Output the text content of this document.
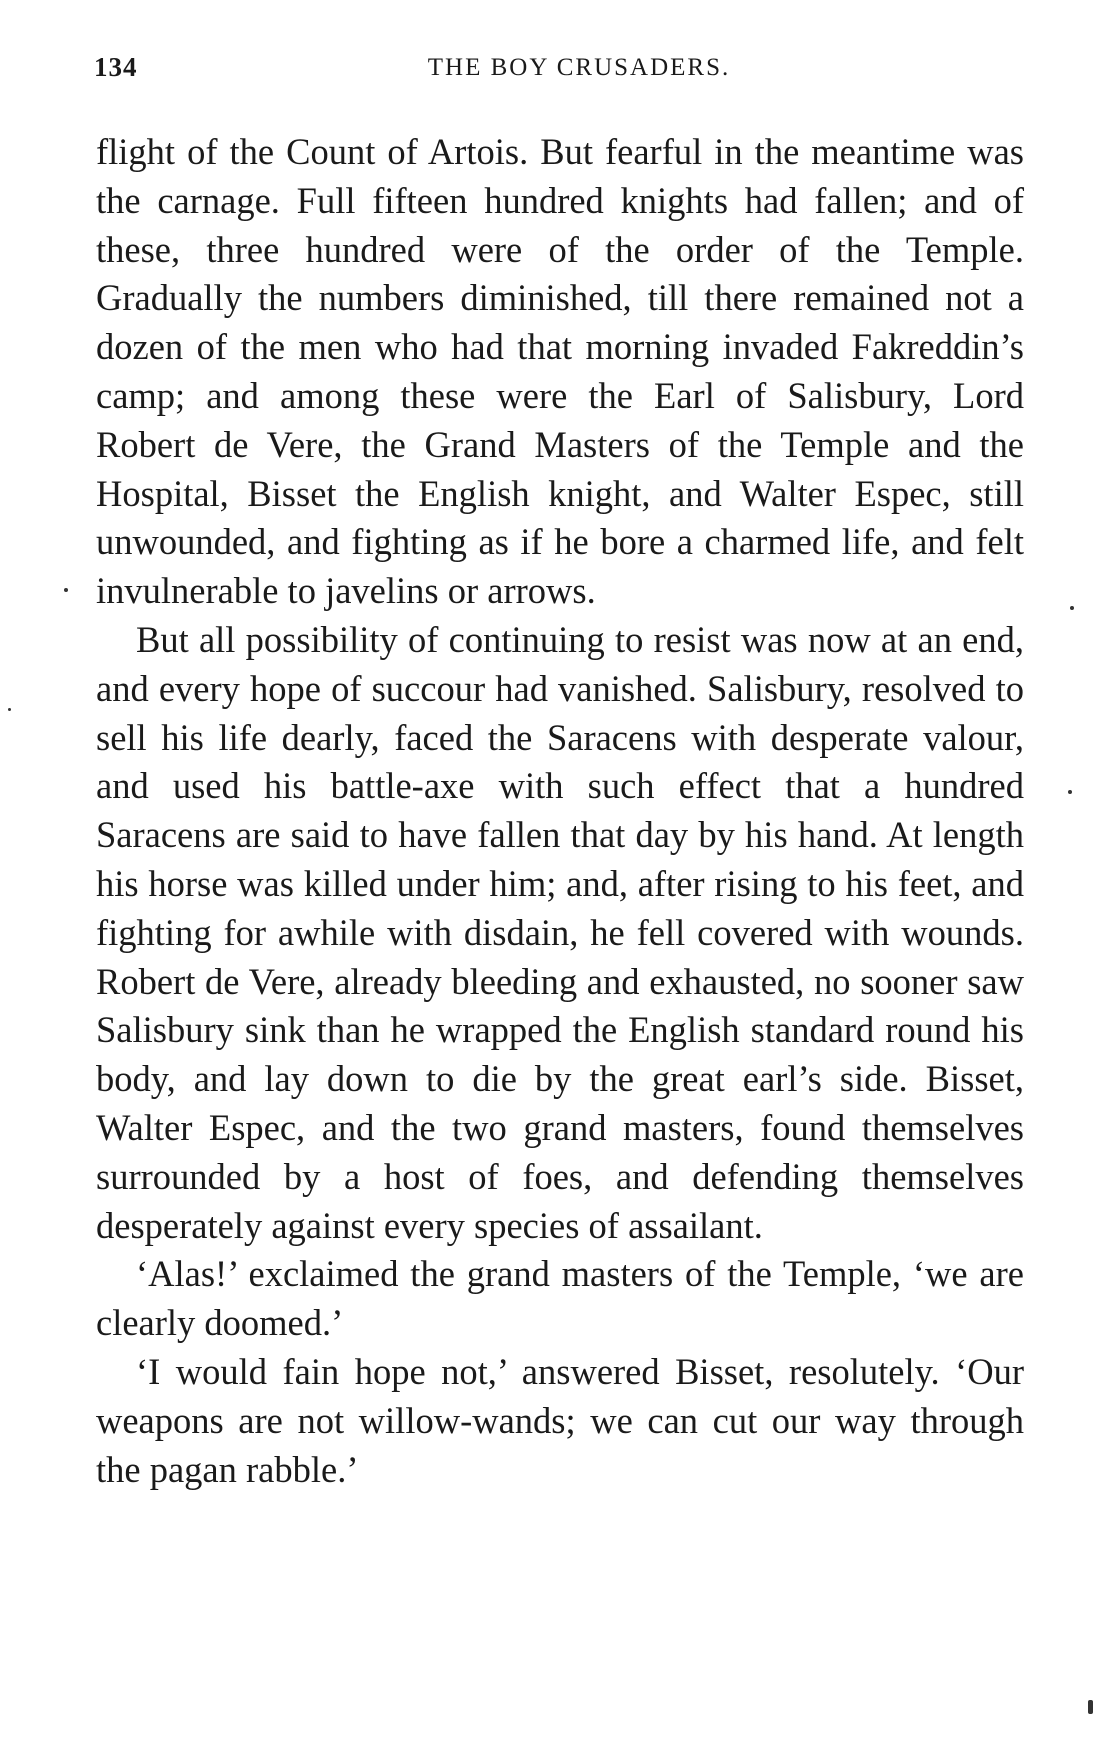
134	THE BOY CRUSADERS.

flight of the Count of Artois. But fearful in the meantime was the carnage. Full fifteen hundred knights had fallen; and of these, three hundred were of the order of the Temple. Gradually the numbers diminished, till there remained not a dozen of the men who had that morning invaded Fakreddin’s camp; and among these were the Earl of Salisbury, Lord Robert de Vere, the Grand Masters of the Temple and the Hospital, Bisset the English knight, and Walter Espec, still unwounded, and fighting as if he bore a charmed life, and felt invulnerable to javelins or arrows.

But all possibility of continuing to resist was now at an end, and every hope of succour had vanished. Salisbury, resolved to sell his life dearly, faced the Saracens with desperate valour, and used his battle-axe with such effect that a hundred Saracens are said to have fallen that day by his hand. At length his horse was killed under him; and, after rising to his feet, and fighting for awhile with disdain, he fell covered with wounds. Robert de Vere, already bleeding and exhausted, no sooner saw Salisbury sink than he wrapped the English standard round his body, and lay down to die by the great earl’s side. Bisset, Walter Espec, and the two grand masters, found themselves surrounded by a host of foes, and defending themselves desperately against every species of assailant.

‘Alas!’ exclaimed the grand masters of the Temple, ‘we are clearly doomed.’

‘I would fain hope not,’ answered Bisset, resolutely. ‘Our weapons are not willow-wands; we can cut our way through the pagan rabble.’
